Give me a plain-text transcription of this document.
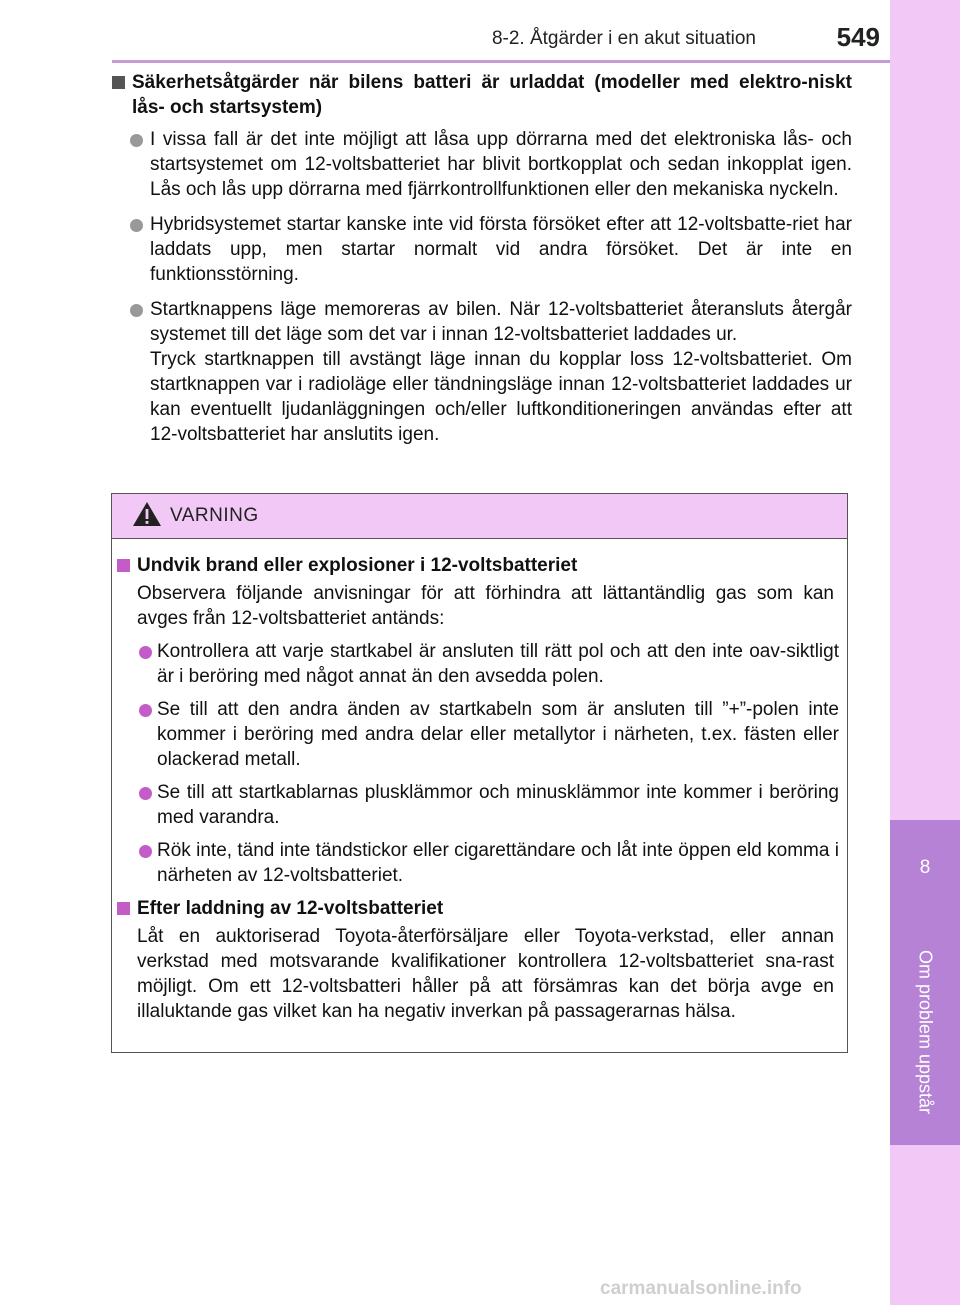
8-2. Åtgärder i en akut situation	549
8
Om problem uppstår
Säkerhetsåtgärder när bilens batteri är urladdat (modeller med elektro-niskt lås- och startsystem)

I vissa fall är det inte möjligt att låsa upp dörrarna med det elektroniska lås- och startsystemet om 12-voltsbatteriet har blivit bortkopplat och sedan inkopplat igen. Lås och lås upp dörrarna med fjärrkontrollfunktionen eller den mekaniska nyckeln.

Hybridsystemet startar kanske inte vid första försöket efter att 12-voltsbatte-riet har laddats upp, men startar normalt vid andra försöket. Det är inte en funktionsstörning.

Startknappens läge memoreras av bilen. När 12-voltsbatteriet återansluts återgår systemet till det läge som det var i innan 12-voltsbatteriet laddades ur.

Tryck startknappen till avstängt läge innan du kopplar loss 12-voltsbatteriet. Om startknappen var i radioläge eller tändningsläge innan 12-voltsbatteriet laddades ur kan eventuellt ljudanläggningen och/eller luftkonditioneringen användas efter att 12-voltsbatteriet har anslutits igen.

VARNING
Undvik brand eller explosioner i 12-voltsbatteriet

Observera följande anvisningar för att förhindra att lättantändlig gas som kan avges från 12-voltsbatteriet antänds:

Kontrollera att varje startkabel är ansluten till rätt pol och att den inte oav-siktligt är i beröring med något annat än den avsedda polen.
Se till att den andra änden av startkabeln som är ansluten till ”+”-polen inte kommer i beröring med andra delar eller metallytor i närheten, t.ex. fästen eller olackerad metall.
Se till att startkablarnas plusklämmor och minusklämmor inte kommer i beröring med varandra.
Rök inte, tänd inte tändstickor eller cigarettändare och låt inte öppen eld komma i närheten av 12-voltsbatteriet.
Efter laddning av 12-voltsbatteriet

Låt en auktoriserad Toyota-återförsäljare eller Toyota-verkstad, eller annan verkstad med motsvarande kvalifikationer kontrollera 12-voltsbatteriet sna-rast möjligt. Om ett 12-voltsbatteri håller på att försämras kan det börja avge en illaluktande gas vilket kan ha negativ inverkan på passagerarnas hälsa.

carmanualsonline.info
